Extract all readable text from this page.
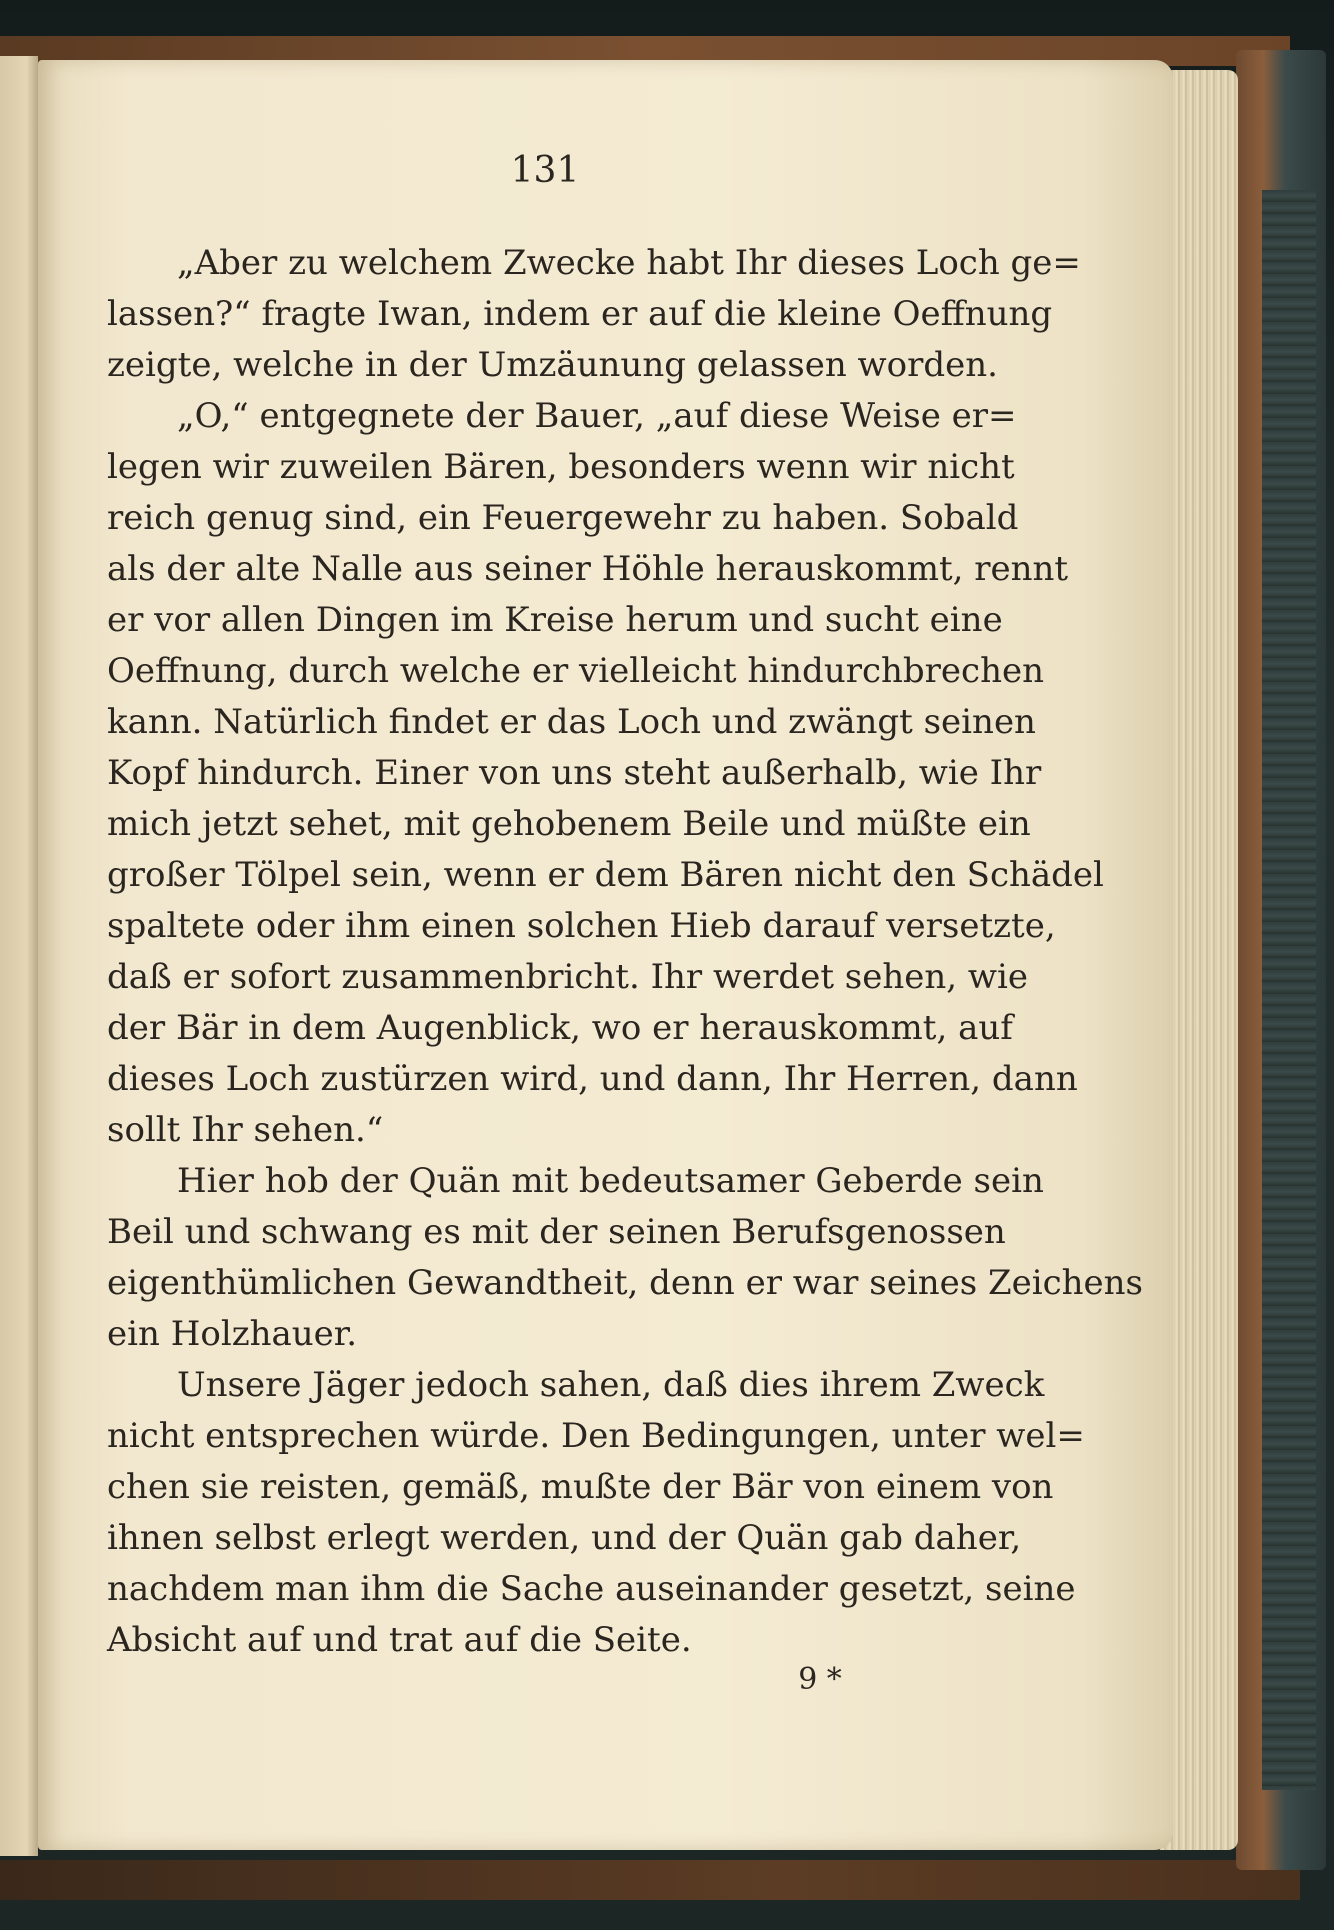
131
„Aber zu welchem Zwecke habt Ihr dieses Loch ge=
lassen?“ fragte Iwan, indem er auf die kleine Oeffnung
zeigte, welche in der Umzäunung gelassen worden.
„O,“ entgegnete der Bauer, „auf diese Weise er=
legen wir zuweilen Bären, besonders wenn wir nicht
reich genug sind, ein Feuergewehr zu haben. Sobald
als der alte Nalle aus seiner Höhle herauskommt, rennt
er vor allen Dingen im Kreise herum und sucht eine
Oeffnung, durch welche er vielleicht hindurchbrechen
kann. Natürlich findet er das Loch und zwängt seinen
Kopf hindurch. Einer von uns steht außerhalb, wie Ihr
mich jetzt sehet, mit gehobenem Beile und müßte ein
großer Tölpel sein, wenn er dem Bären nicht den Schädel
spaltete oder ihm einen solchen Hieb darauf versetzte,
daß er sofort zusammenbricht. Ihr werdet sehen, wie
der Bär in dem Augenblick, wo er herauskommt, auf
dieses Loch zustürzen wird, und dann, Ihr Herren, dann
sollt Ihr sehen.“
Hier hob der Quän mit bedeutsamer Geberde sein
Beil und schwang es mit der seinen Berufsgenossen
eigenthümlichen Gewandtheit, denn er war seines Zeichens
ein Holzhauer.
Unsere Jäger jedoch sahen, daß dies ihrem Zweck
nicht entsprechen würde. Den Bedingungen, unter wel=
chen sie reisten, gemäß, mußte der Bär von einem von
ihnen selbst erlegt werden, und der Quän gab daher,
nachdem man ihm die Sache auseinander gesetzt, seine
Absicht auf und trat auf die Seite.
9 *
